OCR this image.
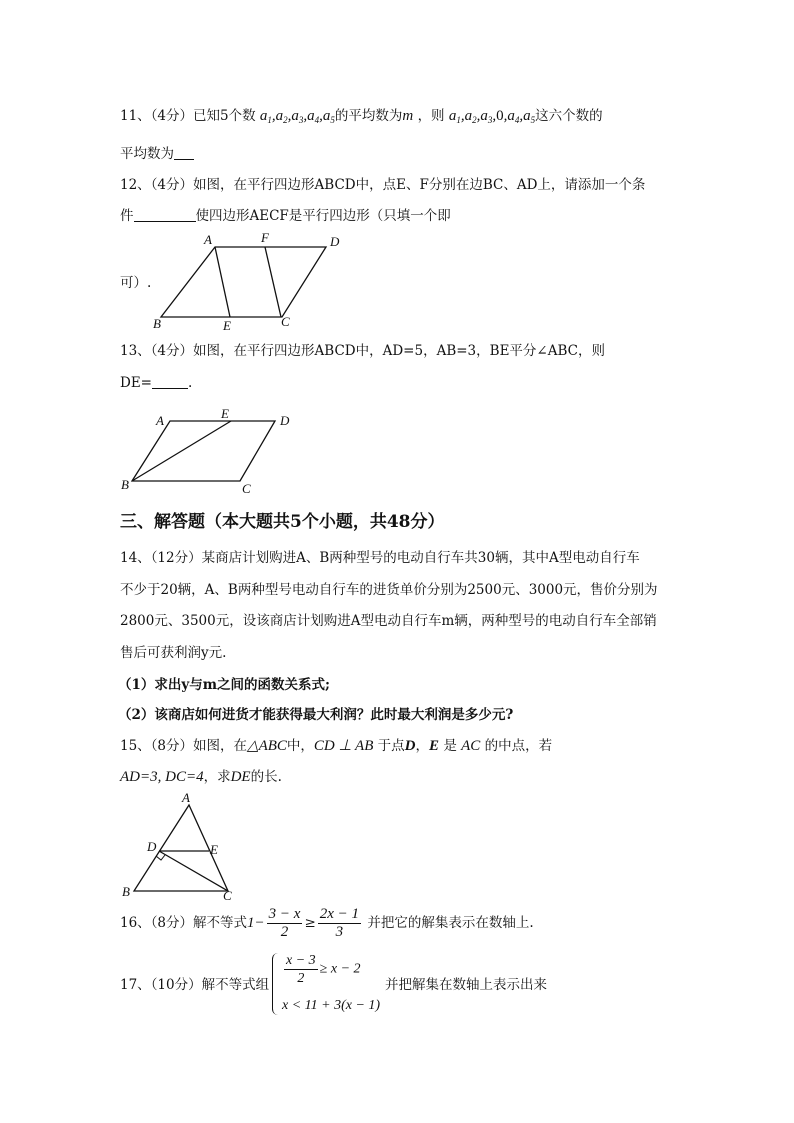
11、（4分）已知5个数 $a_1,a_2,a_3,a_4,a_5$的平均数为m ，则 $a_1,a_2,a_3,0,a_4,a_5$这六个数的
平均数为
12、（4分）如图，在平行四边形ABCD中，点E、F分别在边BC、AD上，请添加一个条
件	使四边形AECF是平行四边形（只填一个即
A	F	D
B	E	C
可）.
13、（4分）如图，在平行四边形ABCD中，AD=5，AB=3，BE平分∠ABC，则
DE=	.
A	E	D
B	C
三、解答题（本大题共5个小题，共48分）
14、（12分）某商店计划购进A、B两种型号的电动自行车共30辆，其中A型电动自行车
不少于20辆，A、B两种型号电动自行车的进货单价分别为2500元、3000元，售价分别为
2800元、3500元，设该商店计划购进A型电动自行车m辆，两种型号的电动自行车全部销
售后可获利润y元.
（1）求出y与m之间的函数关系式;
（2）该商店如何进货才能获得最大利润？此时最大利润是多少元?
15、（8分）如图，在△ABC中，CD ⊥ AB 于点D，E 是 AC 的中点，若
AD=3, DC=4，求DE的长.
A
D	E
B	C
16、（8分）解不等式$1- \frac{3 - x}{2} \ge \frac{2x - 1}{3}$ 并把它的解集表示在数轴上.
17、（10分）解不等式组 $\frac{x - 3}{2} \ge x - 2$
x < 11 + 3(x − 1)
并把解集在数轴上表示出来
